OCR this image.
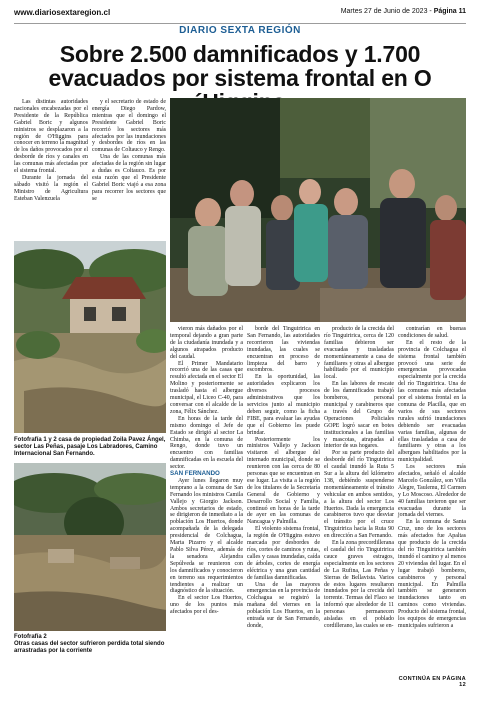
www.diariosextaregion.cl	Martes 27 de Junio de 2023 - Página 11
DIARIO SEXTA REGIÓN
Sobre 2.500 damnificados y 1.700
evacuados por sistema frontal en O

Las distintas autoridades nacionales encabezadas por el Presidente de la República Gabriel Boric y algunos ministros se desplazaron a la región de O'Higgins para conocer en terreno la magnitud de los daños provocados por el desborde de ríos y canales en las comunas más afectadas por el sistema frontal.

Durante la jornada del sábado visitó la región el Ministro de Agricultura Esteban Valenzuela

y el secretario de estado de energía Diego Pardow, mientras que el domingo el Presidente Gabriel Boric recorrió los sectores más afectados por las inundaciones y desbordes de ríos en las comunas de Coltauco y Rengo.

Una de las comunas más afectadas de la región sin lugar a dudas es Coltauco. Es por esta razón que el Presidente Gabriel Boric viajó a esa zona para recorrer los sectores que se

Fotofrafía 1 y 2 casa de propiedad Zoila Pavez Ángel, sector Las Peñas, pasaje Los Labradores, Camino Internacional San Fernando.
Fotofrafía 2
Otras casas del sector sufrieron perdida total siendo arrastradas por la corriente

vieron más dañados por el temporal dejando a gran parte de la ciudadanía inundada y a algunos atrapados producto del caudal.

El Primer Mandatario recorrió una de las casas que resultó afectada en el sector El Molino y posteriormente se trasladó hasta el albergue municipal, el Liceo C-40, para conversar con el alcalde de la zona, Félix Sánchez.

En horas de la tarde del mismo domingo el Jefe de Estado se dirigió al sector La Chimba, en la comuna de Rengo, donde tuvo un encuentro con familias damnificadas en la escuela del sector.

SAN FERNANDO

Ayer lunes llegaron muy temprano a la comuna de San Fernando los ministros Camila Vallejo y Giorgio Jackson. Ambos secretarios de estado, se dirigieron de inmediato a la población Los Huertos, donde acompañada de la delegada presidencial de Colchagua, Marta Pizarro y el alcalde Pablo Silva Pérez, además de la senadora Alejandra Sepúlveda se reunieron con los damnificados y conocieron en terreno sus requerimientos tendientes a realizar un diagnóstico de la situación.

En el sector Los Huertos, uno de los puntos más afectados por el des-

borde del Tinguiririca en San Fernando, las autoridades recorrieron las viviendas inundadas, las cuales se encuentran en proceso de limpieza del barro y escombros.

En la oportunidad, las autoridades explicaron los diversos procesos administrativos que los servicios junto al municipio deben seguir, como la ficha FIBE, para evaluar las ayudas que el Gobierno les puede brindar.

Posteriormente los ministros Vallejo y Jackson visitaron el albergue del internado municipal, donde se reunieron con las cerca de 80 personas que se encuentran en ese lugar. La visita a la región de los titulares de la Secretaría General de Gobierno y Desarrollo Social y Familia, continuó en horas de la tarde de ayer en las comunas de Nancagua y Palmilla.

El violento sistema frontal, la región de O'Higgins estuvo marcada por desbordes de ríos, cortes de caminos y rutas, calles y casas inundadas, caída de árboles, cortes de energía eléctrica y una gran cantidad de familias damnificadas.

Una de las mayores emergencias en la provincia de Colchagua se registró la mañana del viernes en la población Los Huertos, en la entrada sur de San Fernando, donde,

producto de la crecida del río Tinguiririca, cerca de 120 familias debieron ser evacuadas y trasladadas momentáneamente a casa de familiares y otras al albergue habilitado por el municipio local.

En las labores de rescate de los damnificados trabajó bomberos, personal municipal y carabineros que a través del Grupo de Operaciones Policiales GOPE logró sacar en botes institucionales a las familias y mascotas, atrapadas al interior de sus hogares.

Por su parte producto del desborde del río Tinguiririca el caudal inundó la Ruta 5 Sur a la altura del kilómetro 138, debiéndo suspenderse momentáneamente el tránsito vehicular en ambos sentidos, a la altura del sector Los Huertos. Dada la emergencia carabineros tuvo que desviar el tránsito por el cruce Tinguiririca hacia la Ruta 90 en dirección a San Fernando.

En la zona precordillerana el caudal del río Tinguiririca cauce graves estragos, especialmente en los sectores de La Rufina, Las Peñas y Sierras de Bellavista. Varios de estos lugares resultaron inundados por la crecida del torrente. Termas del Flaco se informó que alrededor de 11 personas permanecen aisladas en el poblado cordillerano, las cuales se en-

contrarían en buenas condiciones de salud.

En el resto de la provincia de Colchagua el sistema frontal también provocó una serie de emergencias provocadas especialmente por la crecida del río Tinguiririca. Una de las comunas más afectadas por el sistema frontal en la comuna de Placilla, que en varios de sus sectores rurales sufrió inundaciones debiendo ser evacuadas varias familias, algunas de ellas trasladadas a casa de familiares y otras a los albergues habilitados por la municipalidad.

Los sectores más afectados, señaló el alcalde Marcelo González, son Villa Alegre, Taulemu, El Carmen y Lo Moscoso. Alrededor de 40 familias tuvieron que ser evacuadas durante la jornada del viernes.

En la comuna de Santa Cruz, uno de los sectores más afectados fue Apaltas que producto de la crecida del río Tinguiririca también inundó el camino y al menos 20 viviendas del lugar. En el lugar trabajó bomberos, carabineros y personal municipal. En Palmilla también se generaron inundaciones tanto en caminos como viviendas. Producto del sistema frontal, los equipos de emergencias municipales sufrieron a

CONTINÚA EN PÁGINA 12
